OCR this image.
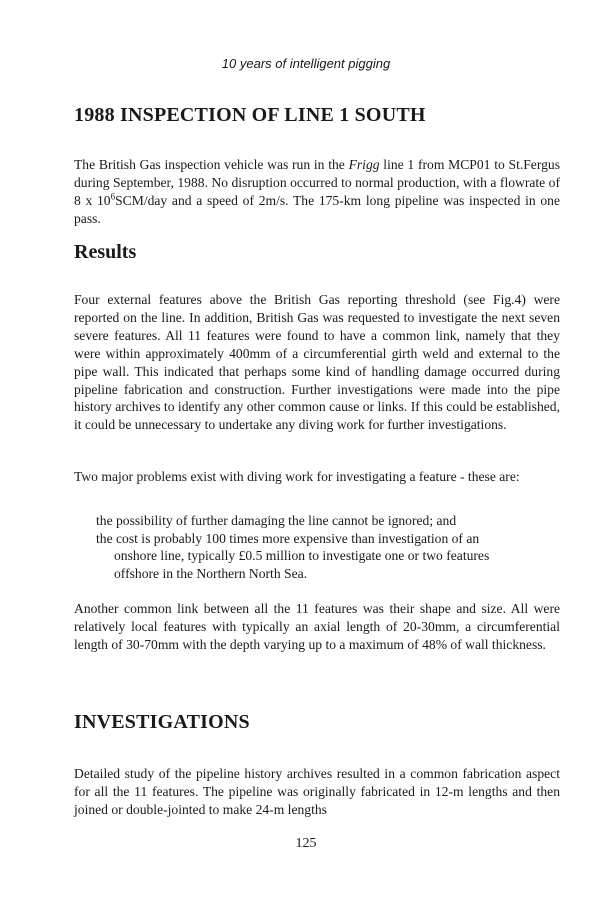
10 years of intelligent pigging
1988 INSPECTION OF LINE 1 SOUTH

The British Gas inspection vehicle was run in the Frigg line 1 from MCP01 to St.Fergus during September, 1988. No disruption occurred to normal production, with a flowrate of 8 x $10^6SCM$/day and a speed of 2m/s. The 175-km long pipeline was inspected in one pass.

Results

Four external features above the British Gas reporting threshold (see Fig.4) were reported on the line. In addition, British Gas was requested to investigate the next seven severe features. All 11 features were found to have a common link, namely that they were within approximately 400mm of a circumferential girth weld and external to the pipe wall. This indicated that perhaps some kind of handling damage occurred during pipeline fabrication and construction. Further investigations were made into the pipe history archives to identify any other common cause or links. If this could be established, it could be unnecessary to undertake any diving work for further investigations.

Two major problems exist with diving work for investigating a feature - these are:

the possibility of further damaging the line cannot be ignored; and
the cost is probably 100 times more expensive than investigation of an
onshore line, typically £0.5 million to investigate one or two features
offshore in the Northern North Sea.

Another common link between all the 11 features was their shape and size. All were relatively local features with typically an axial length of 20-30mm, a circumferential length of 30-70mm with the depth varying up to a maximum of 48% of wall thickness.

INVESTIGATIONS

Detailed study of the pipeline history archives resulted in a common fabrication aspect for all the 11 features. The pipeline was originally fabricated in 12-m lengths and then joined or double-jointed to make 24-m lengths

125
